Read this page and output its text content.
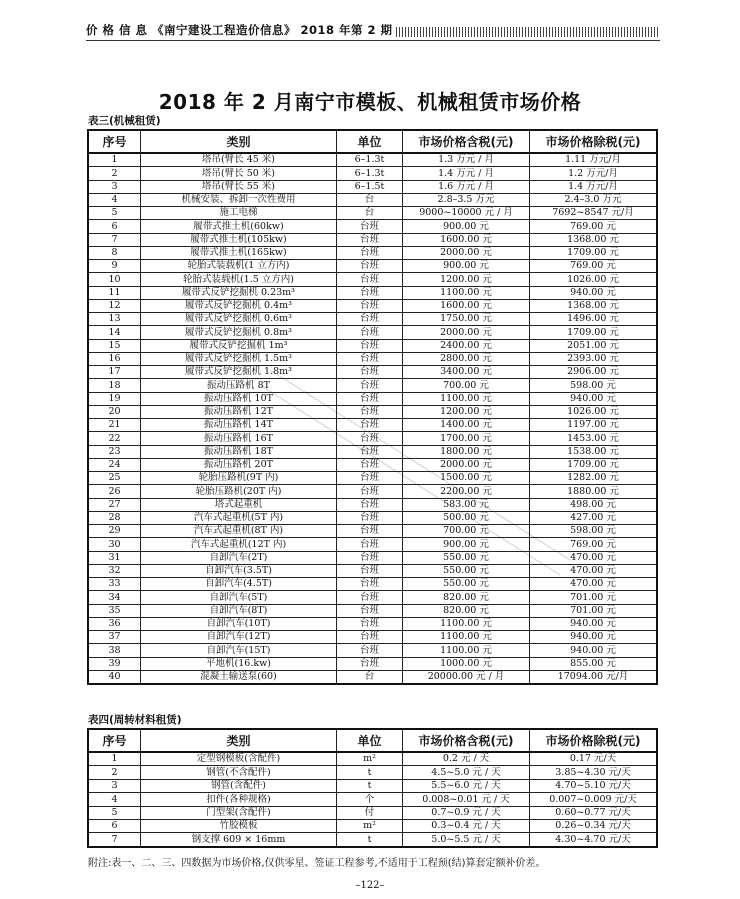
价 格 信 息 《南宁建设工程造价信息》 2018 年第 2 期
2018 年 2 月南宁市模板、机械租赁市场价格
表三(机械租赁)
序号	类别	单位	市场价格含税(元)	市场价格除税(元)
1	塔吊(臂长 45 米)	6–1.3t	1.3 万元 / 月	1.11 万元/月
2	塔吊(臂长 50 米)	6–1.3t	1.4 万元 / 月	1.2 万元/月
3	塔吊(臂长 55 米)	6–1.5t	1.6 万元 / 月	1.4 万元/月
4	机械安装、拆卸一次性费用	台	2.8–3.5 万元	2.4–3.0 万元
5	施工电梯	台	9000~10000 元 / 月	7692~8547 元/月
6	履带式推土机(60kw)	台班	900.00 元	769.00 元
7	履带式推土机(105kw)	台班	1600.00 元	1368.00 元
8	履带式推土机(165kw)	台班	2000.00 元	1709.00 元
9	轮胎式装载机(1 立方内)	台班	900.00 元	769.00 元
10	轮胎式装载机(1.5 立方内)	台班	1200.00 元	1026.00 元
11	履带式反铲挖掘机 0.23m³	台班	1100.00 元	940.00 元
12	履带式反铲挖掘机 0.4m³	台班	1600.00 元	1368.00 元
13	履带式反铲挖掘机 0.6m³	台班	1750.00 元	1496.00 元
14	履带式反铲挖掘机 0.8m³	台班	2000.00 元	1709.00 元
15	履带式反铲挖掘机 1m³	台班	2400.00 元	2051.00 元
16	履带式反铲挖掘机 1.5m³	台班	2800.00 元	2393.00 元
17	履带式反铲挖掘机 1.8m³	台班	3400.00 元	2906.00 元
18	振动压路机 8T	台班	700.00 元	598.00 元
19	振动压路机 10T	台班	1100.00 元	940.00 元
20	振动压路机 12T	台班	1200.00 元	1026.00 元
21	振动压路机 14T	台班	1400.00 元	1197.00 元
22	振动压路机 16T	台班	1700.00 元	1453.00 元
23	振动压路机 18T	台班	1800.00 元	1538.00 元
24	振动压路机 20T	台班	2000.00 元	1709.00 元
25	轮胎压路机(9T 内)	台班	1500.00 元	1282.00 元
26	轮胎压路机(20T 内)	台班	2200.00 元	1880.00 元
27	塔式起重机	台班	583.00 元	498.00 元
28	汽车式起重机(5T 内)	台班	500.00 元	427.00 元
29	汽车式起重机(8T 内)	台班	700.00 元	598.00 元
30	汽车式起重机(12T 内)	台班	900.00 元	769.00 元
31	自卸汽车(2T)	台班	550.00 元	470.00 元
32	自卸汽车(3.5T)	台班	550.00 元	470.00 元
33	自卸汽车(4.5T)	台班	550.00 元	470.00 元
34	自卸汽车(5T)	台班	820.00 元	701.00 元
35	自卸汽车(8T)	台班	820.00 元	701.00 元
36	自卸汽车(10T)	台班	1100.00 元	940.00 元
37	自卸汽车(12T)	台班	1100.00 元	940.00 元
38	自卸汽车(15T)	台班	1100.00 元	940.00 元
39	平地机(16.kw)	台班	1000.00 元	855.00 元
40	混凝土输送泵(60)	台	20000.00 元 / 月	17094.00 元/月
表四(周转材料租赁)
序号	类别	单位	市场价格含税(元)	市场价格除税(元)
1	定型钢模板(含配件)	m²	0.2 元 / 天	0.17 元/天
2	钢管(不含配件)	t	4.5~5.0 元 / 天	3.85~4.30 元/天
3	钢管(含配件)	t	5.5~6.0 元 / 天	4.70~5.10 元/天
4	扣件(各种规格)	个	0.008~0.01 元 / 天	0.007~0.009 元/天
5	门型架(含配件)	付	0.7~0.9 元 / 天	0.60~0.77 元/天
6	竹胶模板	m²	0.3~0.4 元 / 天	0.26~0.34 元/天
7	钢支撑 609 × 16mm	t	5.0~5.5 元 / 天	4.30~4.70 元/天
附注:表一、二、三、四数据为市场价格,仅供零星、签证工程参考,不适用于工程预(结)算套定额补价差。
–122–
